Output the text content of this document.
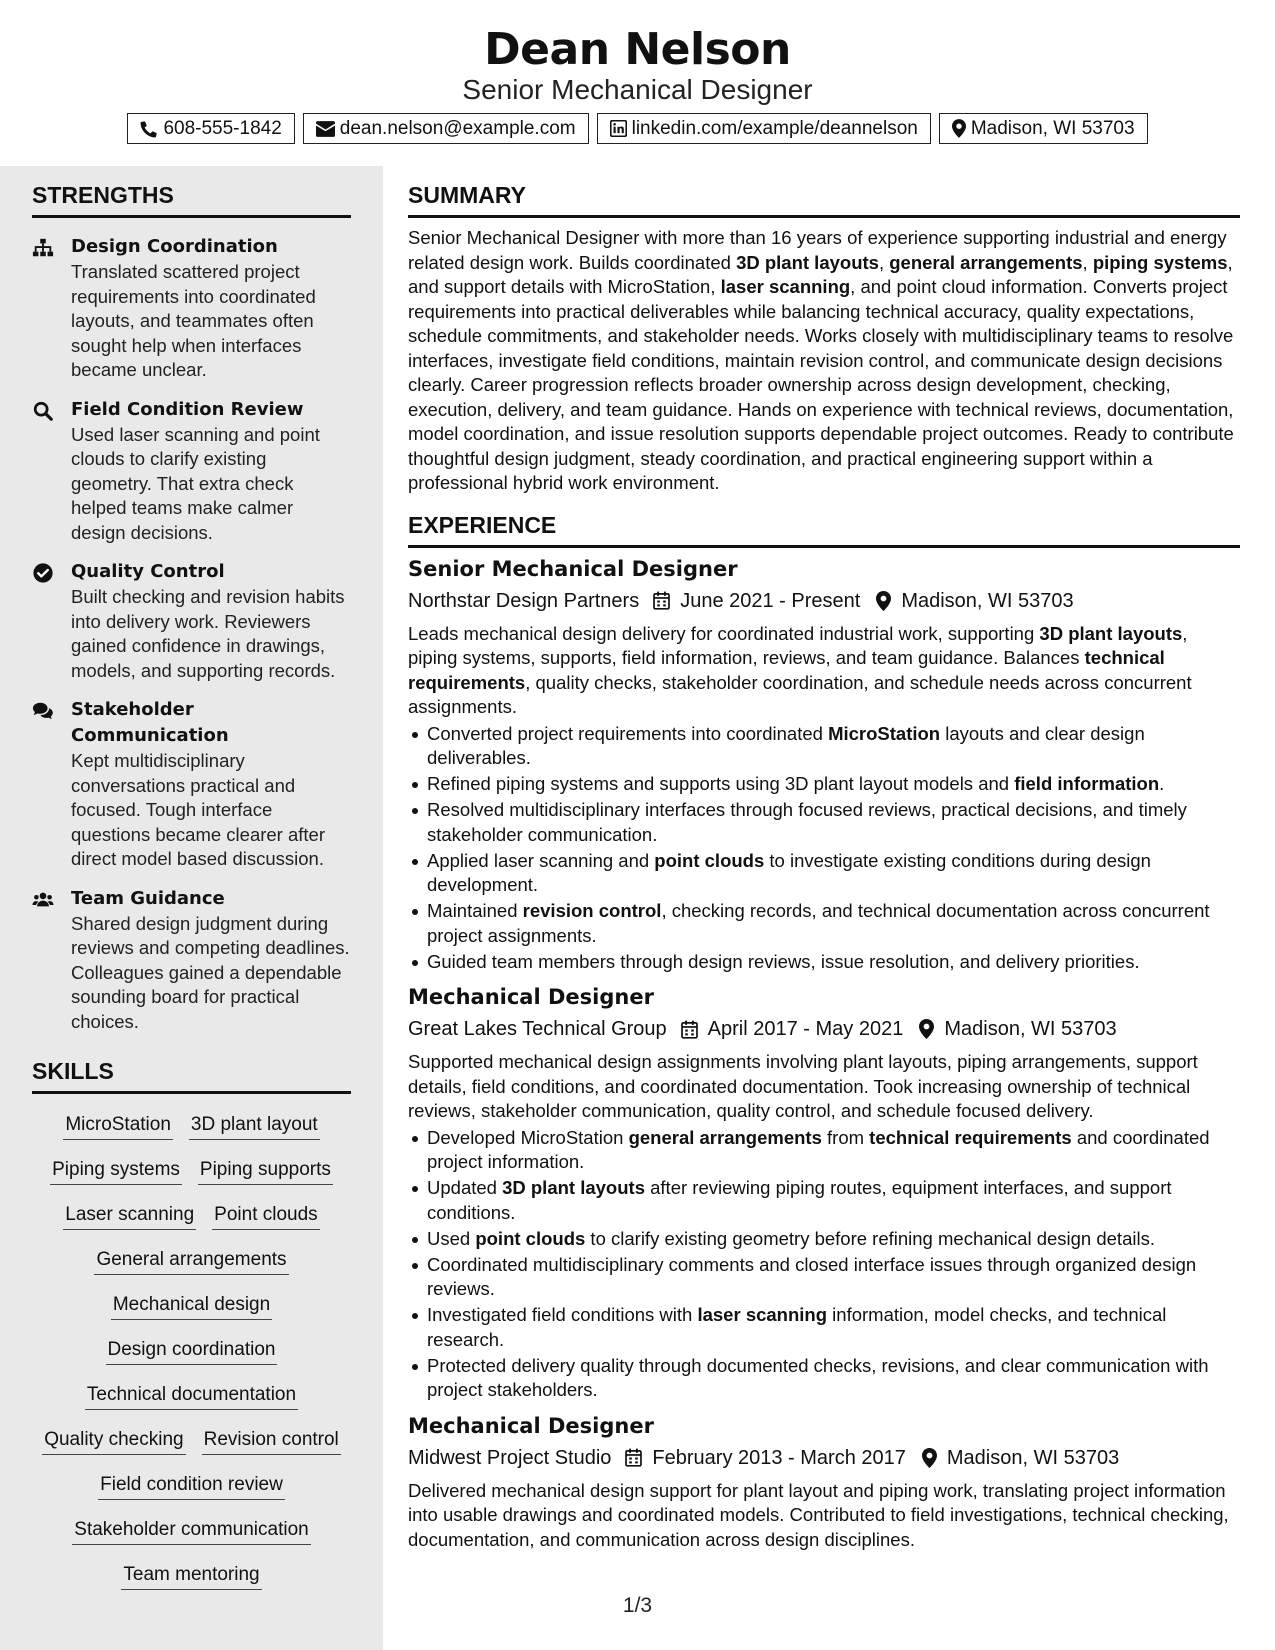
Dean Nelson
Senior Mechanical Designer
608-555-1842	dean.nelson@example.com	linkedin.com/example/deannelson	Madison, WI 53703
STRENGTHS
Design Coordination
Translated scattered project requirements into coordinated layouts, and teammates often sought help when interfaces became unclear.
Field Condition Review
Used laser scanning and point clouds to clarify existing geometry. That extra check helped teams make calmer design decisions.
Quality Control
Built checking and revision habits into delivery work. Reviewers gained confidence in drawings, models, and supporting records.
Stakeholder Communication
Kept multidisciplinary conversations practical and focused. Tough interface questions became clearer after direct model based discussion.
Team Guidance
Shared design judgment during reviews and competing deadlines. Colleagues gained a dependable sounding board for practical choices.
SKILLS
MicroStation 3D plant layout
Piping systems Piping supports
Laser scanning Point clouds
General arrangements
Mechanical design
Design coordination
Technical documentation
Quality checking Revision control
Field condition review
Stakeholder communication
Team mentoring
SUMMARY
Senior Mechanical Designer with more than 16 years of experience supporting industrial and energy related design work. Builds coordinated 3D plant layouts, general arrangements, piping systems, and support details with MicroStation, laser scanning, and point cloud information. Converts project requirements into practical deliverables while balancing technical accuracy, quality expectations, schedule commitments, and stakeholder needs. Works closely with multidisciplinary teams to resolve interfaces, investigate field conditions, maintain revision control, and communicate design decisions clearly. Career progression reflects broader ownership across design development, checking, execution, delivery, and team guidance. Hands on experience with technical reviews, documentation, model coordination, and issue resolution supports dependable project outcomes. Ready to contribute thoughtful design judgment, steady coordination, and practical engineering support within a professional hybrid work environment.
EXPERIENCE
Senior Mechanical Designer
Northstar Design Partners June 2021 - Present Madison, WI 53703
Leads mechanical design delivery for coordinated industrial work, supporting 3D plant layouts, piping systems, supports, field information, reviews, and team guidance. Balances technical requirements, quality checks, stakeholder coordination, and schedule needs across concurrent assignments.
Converted project requirements into coordinated MicroStation layouts and clear design deliverables.
Refined piping systems and supports using 3D plant layout models and field information.
Resolved multidisciplinary interfaces through focused reviews, practical decisions, and timely stakeholder communication.
Applied laser scanning and point clouds to investigate existing conditions during design development.
Maintained revision control, checking records, and technical documentation across concurrent project assignments.
Guided team members through design reviews, issue resolution, and delivery priorities.
Mechanical Designer
Great Lakes Technical Group April 2017 - May 2021 Madison, WI 53703
Supported mechanical design assignments involving plant layouts, piping arrangements, support details, field conditions, and coordinated documentation. Took increasing ownership of technical reviews, stakeholder communication, quality control, and schedule focused delivery.
Developed MicroStation general arrangements from technical requirements and coordinated project information.
Updated 3D plant layouts after reviewing piping routes, equipment interfaces, and support conditions.
Used point clouds to clarify existing geometry before refining mechanical design details.
Coordinated multidisciplinary comments and closed interface issues through organized design reviews.
Investigated field conditions with laser scanning information, model checks, and technical research.
Protected delivery quality through documented checks, revisions, and clear communication with project stakeholders.
Mechanical Designer
Midwest Project Studio February 2013 - March 2017 Madison, WI 53703
Delivered mechanical design support for plant layout and piping work, translating project information into usable drawings and coordinated models. Contributed to field investigations, technical checking, documentation, and communication across design disciplines.
1/3
